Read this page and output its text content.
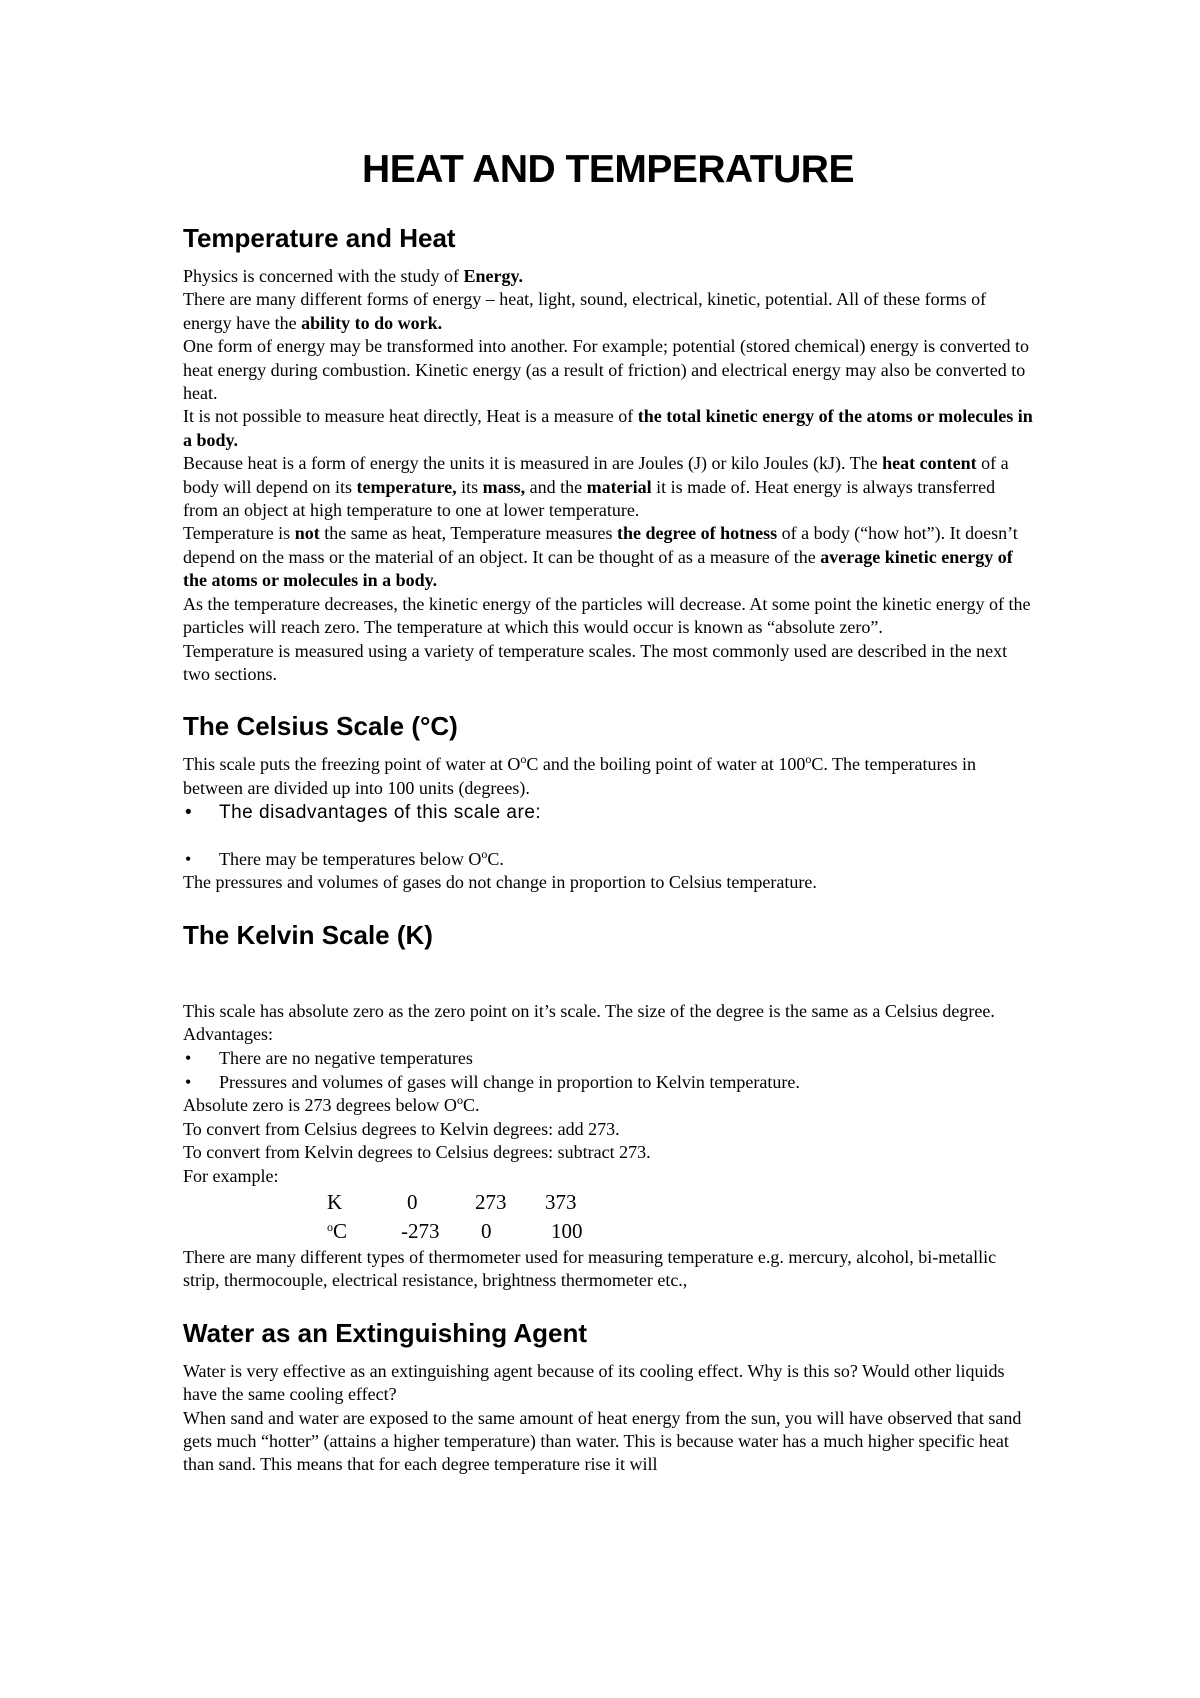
HEAT AND TEMPERATURE
Temperature and Heat

Physics is concerned with the study of Energy.

There are many different forms of energy – heat, light, sound, electrical, kinetic, potential. All of these forms of energy have the ability to do work.

One form of energy may be transformed into another. For example; potential (stored chemical) energy is converted to heat energy during combustion. Kinetic energy (as a result of friction) and electrical energy may also be converted to heat.

It is not possible to measure heat directly, Heat is a measure of the total kinetic energy of the atoms or molecules in a body.

Because heat is a form of energy the units it is measured in are Joules (J) or kilo Joules (kJ). The heat content of a body will depend on its temperature, its mass, and the material it is made of. Heat energy is always transferred from an object at high temperature to one at lower temperature.

Temperature is not the same as heat, Temperature measures the degree of hotness of a body (“how hot”). It doesn’t depend on the mass or the material of an object. It can be thought of as a measure of the average kinetic energy of the atoms or molecules in a body.

As the temperature decreases, the kinetic energy of the particles will decrease. At some point the kinetic energy of the particles will reach zero. The temperature at which this would occur is known as “absolute zero”.

Temperature is measured using a variety of temperature scales. The most commonly used are described in the next two sections.

The Celsius Scale (°C)

This scale puts the freezing point of water at $O^oC$ and the boiling point of water at 100$^o$C. The temperatures in between are divided up into 100 units (degrees).

• The disadvantages of this scale are:
• There may be temperatures below $O^oC$.

The pressures and volumes of gases do not change in proportion to Celsius temperature.

The Kelvin Scale (K)

This scale has absolute zero as the zero point on it’s scale. The size of the degree is the same as a Celsius degree.

Advantages:

• There are no negative temperatures
• Pressures and volumes of gases will change in proportion to Kelvin temperature.

Absolute zero is 273 degrees below $O^oC$.

To convert from Celsius degrees to Kelvin degrees: add 273.

To convert from Kelvin degrees to Celsius degrees: subtract 273.

For example:

K	0	273 373
$^o$C	-273 0	100

There are many different types of thermometer used for measuring temperature e.g. mercury, alcohol, bi-metallic strip, thermocouple, electrical resistance, brightness thermometer etc.,

Water as an Extinguishing Agent

Water is very effective as an extinguishing agent because of its cooling effect. Why is this so? Would other liquids have the same cooling effect?

When sand and water are exposed to the same amount of heat energy from the sun, you will have observed that sand gets much “hotter” (attains a higher temperature) than water. This is because water has a much higher specific heat than sand. This means that for each degree temperature rise it will
